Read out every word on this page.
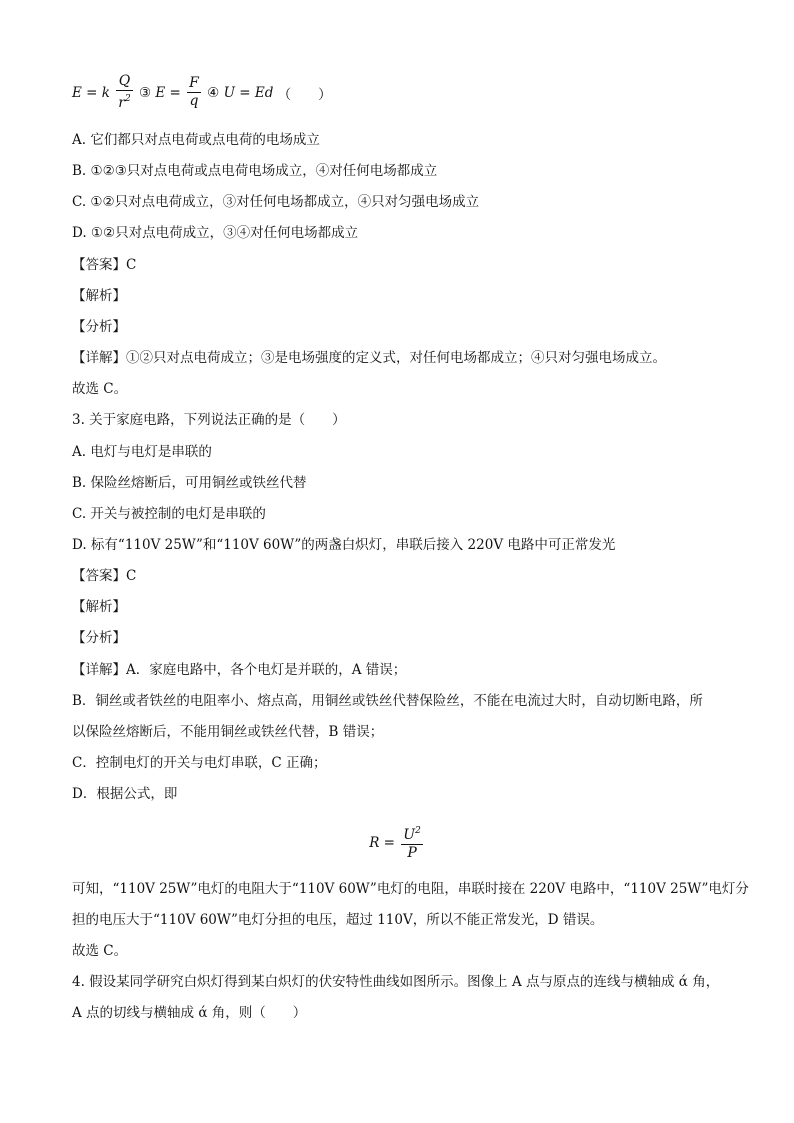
E = k $\frac{Q}{r^2}$ ③ $E = \frac{F}{q}$ ④ U = Ed （　　）
A. 它们都只对点电荷或点电荷的电场成立
B. ①②③只对点电荷或点电荷电场成立，④对任何电场都成立
C. ①②只对点电荷成立，③对任何电场都成立，④只对匀强电场成立
D. ①②只对点电荷成立，③④对任何电场都成立
【答案】C
【解析】
【分析】
【详解】①②只对点电荷成立；③是电场强度的定义式，对任何电场都成立；④只对匀强电场成立。
故选 C。
3. 关于家庭电路，下列说法正确的是（　　）
A. 电灯与电灯是串联的
B. 保险丝熔断后，可用铜丝或铁丝代替
C. 开关与被控制的电灯是串联的
D. 标有“110V 25W”和“110V 60W”的两盏白炽灯，串联后接入 220V 电路中可正常发光
【答案】C
【解析】
【分析】
【详解】A．家庭电路中，各个电灯是并联的，A 错误；
B．铜丝或者铁丝的电阻率小、熔点高，用铜丝或铁丝代替保险丝，不能在电流过大时，自动切断电路，所
以保险丝熔断后，不能用铜丝或铁丝代替，B 错误；
C．控制电灯的开关与电灯串联，C 正确；
D．根据公式，即
$R = \frac{U^2}{P}$
可知，“110V 25W”电灯的电阻大于“110V 60W”电灯的电阻，串联时接在 220V 电路中，“110V 25W”电灯分
担的电压大于“110V 60W”电灯分担的电压，超过 110V，所以不能正常发光，D 错误。
故选 C。
4. 假设某同学研究白炽灯得到某白炽灯的伏安特性曲线如图所示。图像上 A 点与原点的连线与横轴成 ά 角，
A 点的切线与横轴成 ά 角，则（　　）
